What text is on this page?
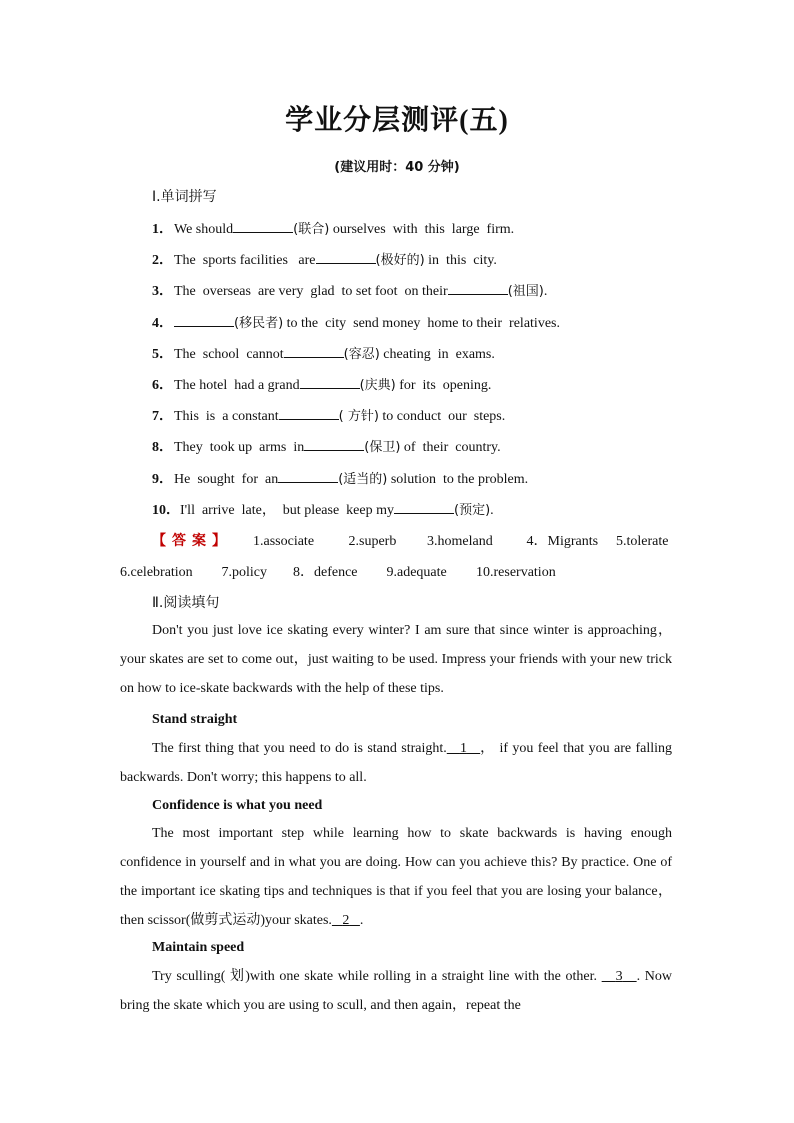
学业分层测评(五)
(建议用时：40 分钟)
Ⅰ.单词拼写
1．We should	(联合) ourselves  with  this  large  firm.
2．The  sports facilities   are	(极好的) in  this  city.
3．The  overseas  are very  glad  to set foot  on their	(祖国).
4．	(移民者) to the  city  send money  home to their  relatives.
5．The  school  cannot	(容忍) cheating  in  exams.
6．The hotel  had a grand	(庆典) for  its  opening.
7．This  is  a constant	( 方针) to conduct  our  steps.
8．They  took up  arms  in	(保卫) of  their  country.
9．He  sought  for  an	(适当的) solution  to the problem.
10．I'll  arrive  late，  but please  keep my	(预定).
【答案】 1.associate 2.superb 3.homeland 4．Migrants 5.tolerate
6.celebration 7.policy 8．defence 9.adequate 10.reservation
Ⅱ.阅读填句
Don't you just love ice skating every winter? I am sure that since winter is approaching， your skates are set to come out，just waiting to be used. Impress your friends with your new trick on how to ice‑skate backwards with the help of these tips.
Stand straight
The first thing that you need to do is stand straight. 1 ， if you feel that you are falling backwards. Don't worry; this happens to all.
Confidence is what you need
The most important step while learning how to skate backwards is having enough confidence in yourself and in what you are doing. How can you achieve this? By practice. One of the important ice skating tips and techniques is that if you feel that you are losing your balance，then scissor(做剪式运动)your skates. 2 .
Maintain speed
Try sculling( 划)with one skate while rolling in a straight line with the other. 3 . Now bring the skate which you are using to scull, and then again，repeat the
